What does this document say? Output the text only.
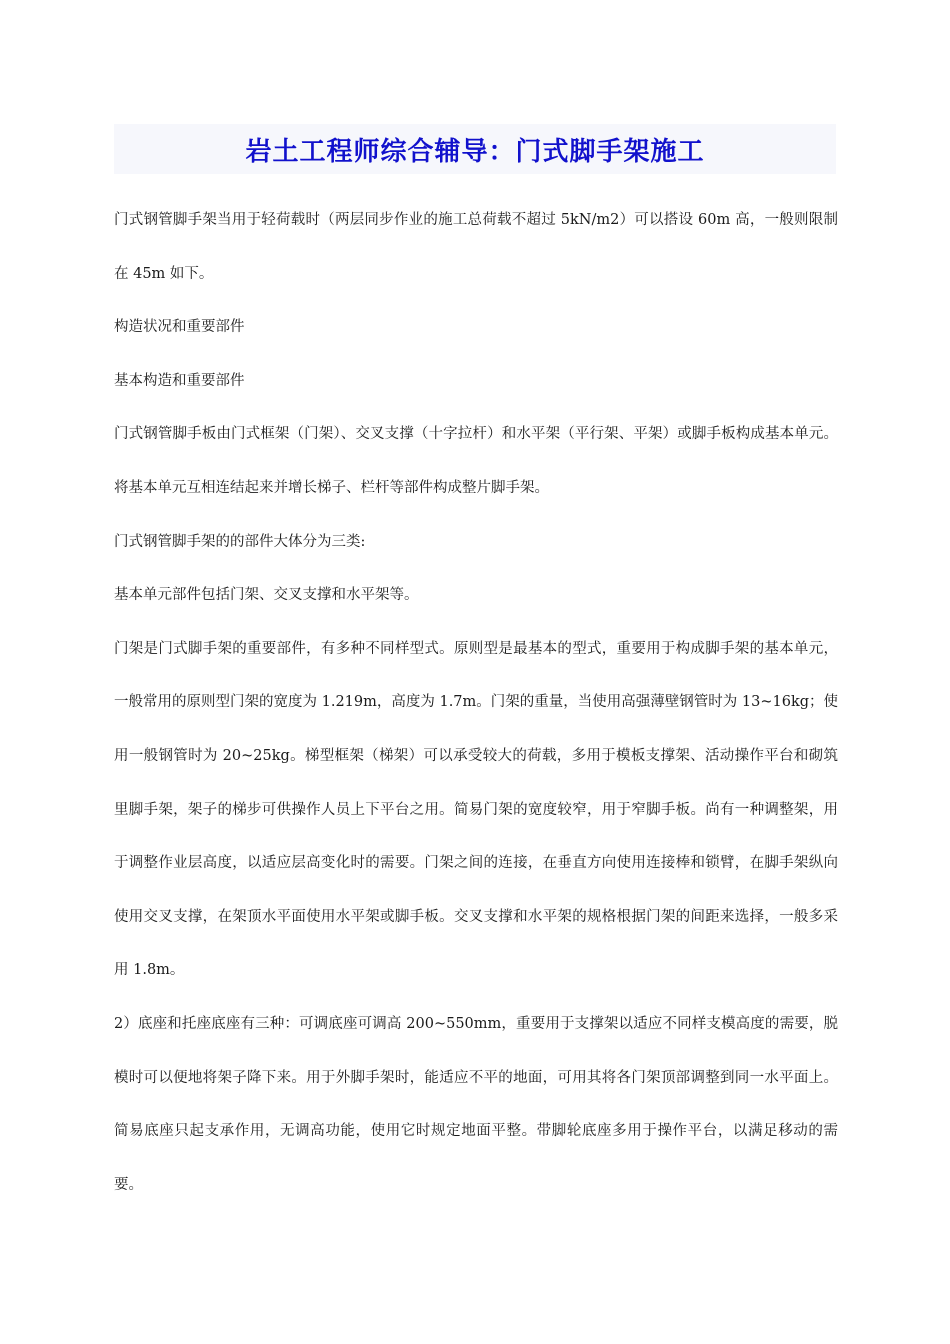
岩土工程师综合辅导：门式脚手架施工

门式钢管脚手架当用于轻荷载时（两层同步作业的施工总荷载不超过 5kN/m2）可以搭设 60m 高，一般则限制在 45m 如下。

构造状况和重要部件

基本构造和重要部件

门式钢管脚手板由门式框架（门架）、交叉支撑（十字拉杆）和水平架（平行架、平架）或脚手板构成基本单元。将基本单元互相连结起来并增长梯子、栏杆等部件构成整片脚手架。

门式钢管脚手架的的部件大体分为三类:

基本单元部件包括门架、交叉支撑和水平架等。

门架是门式脚手架的重要部件，有多种不同样型式。原则型是最基本的型式，重要用于构成脚手架的基本单元，一般常用的原则型门架的宽度为 1.219m，高度为 1.7m。门架的重量，当使用高强薄壁钢管时为 13~16kg；使用一般钢管时为 20~25kg。梯型框架（梯架）可以承受较大的荷载，多用于模板支撑架、活动操作平台和砌筑里脚手架，架子的梯步可供操作人员上下平台之用。简易门架的宽度较窄，用于窄脚手板。尚有一种调整架，用于调整作业层高度，以适应层高变化时的需要。门架之间的连接，在垂直方向使用连接棒和锁臂，在脚手架纵向使用交叉支撑，在架顶水平面使用水平架或脚手板。交叉支撑和水平架的规格根据门架的间距来选择，一般多采用 1.8m。

2）底座和托座底座有三种：可调底座可调高 200~550mm，重要用于支撑架以适应不同样支模高度的需要，脱模时可以便地将架子降下来。用于外脚手架时，能适应不平的地面，可用其将各门架顶部调整到同一水平面上。简易底座只起支承作用，无调高功能，使用它时规定地面平整。带脚轮底座多用于操作平台，以满足移动的需要。
